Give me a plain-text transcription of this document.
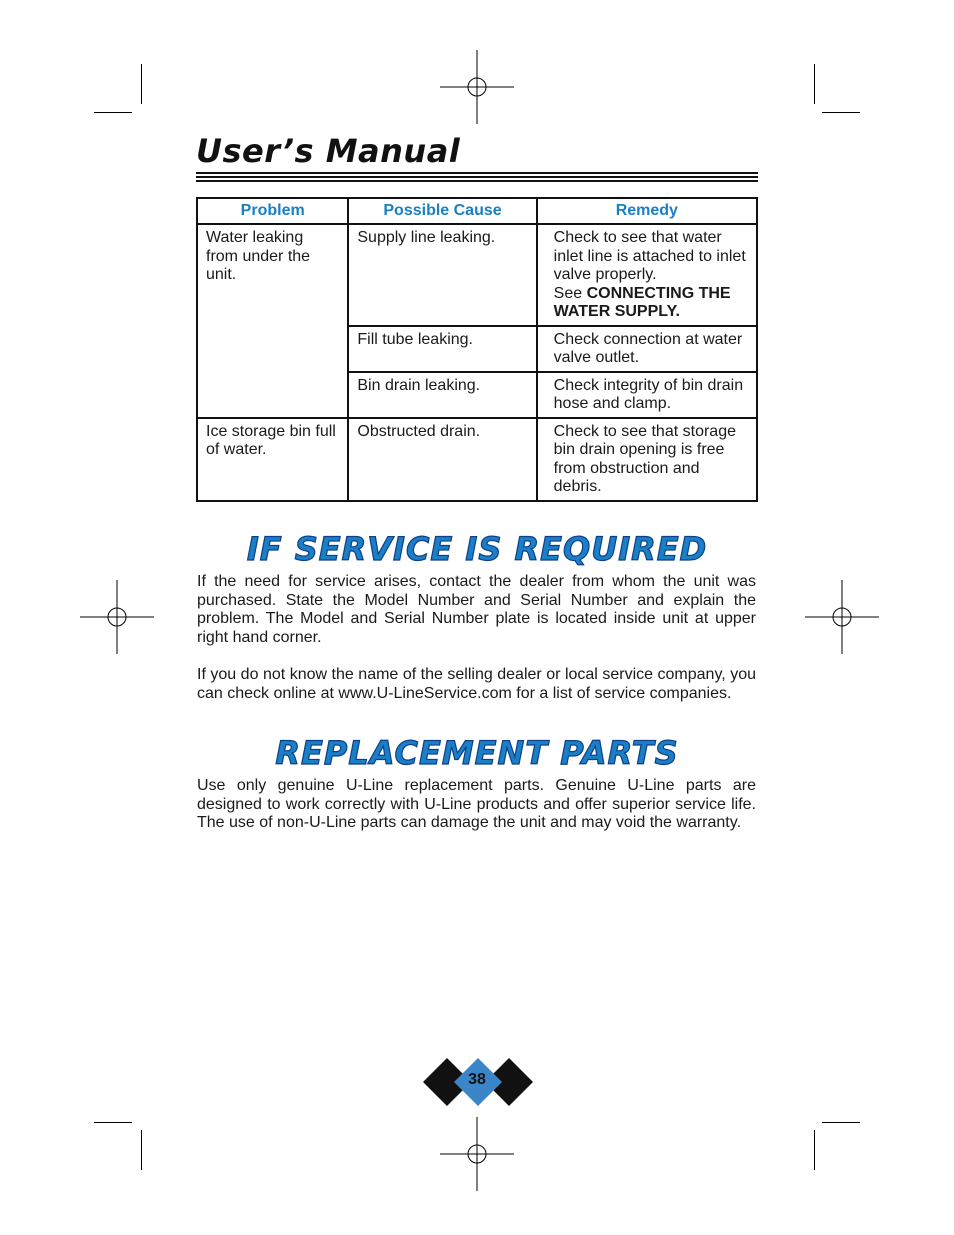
User’s Manual
Problem	Possible Cause	Remedy
Water leaking from under the unit.	Supply line leaking.	Check to see that water inlet line is attached to inlet valve properly.
See CONNECTING THE WATER SUPPLY.
	Fill tube leaking.	Check connection at water valve outlet.
	Bin drain leaking.	Check integrity of bin drain hose and clamp.
Ice storage bin full of water.	Obstructed drain.	Check to see that storage bin drain opening is free from obstruction and debris.
IF SERVICE IS REQUIRED

If the need for service arises, contact the dealer from whom the unit was purchased. State the Model Number and Serial Number and explain the problem. The Model and Serial Number plate is located inside unit at upper right hand corner.

If you do not know the name of the selling dealer or local service company, you can check online at www.U-LineService.com for a list of service companies.

REPLACEMENT PARTS

Use only genuine U-Line replacement parts. Genuine U-Line parts are designed to work correctly with U-Line products and offer superior service life. The use of non-U-Line parts can damage the unit and may void the warranty.

38
